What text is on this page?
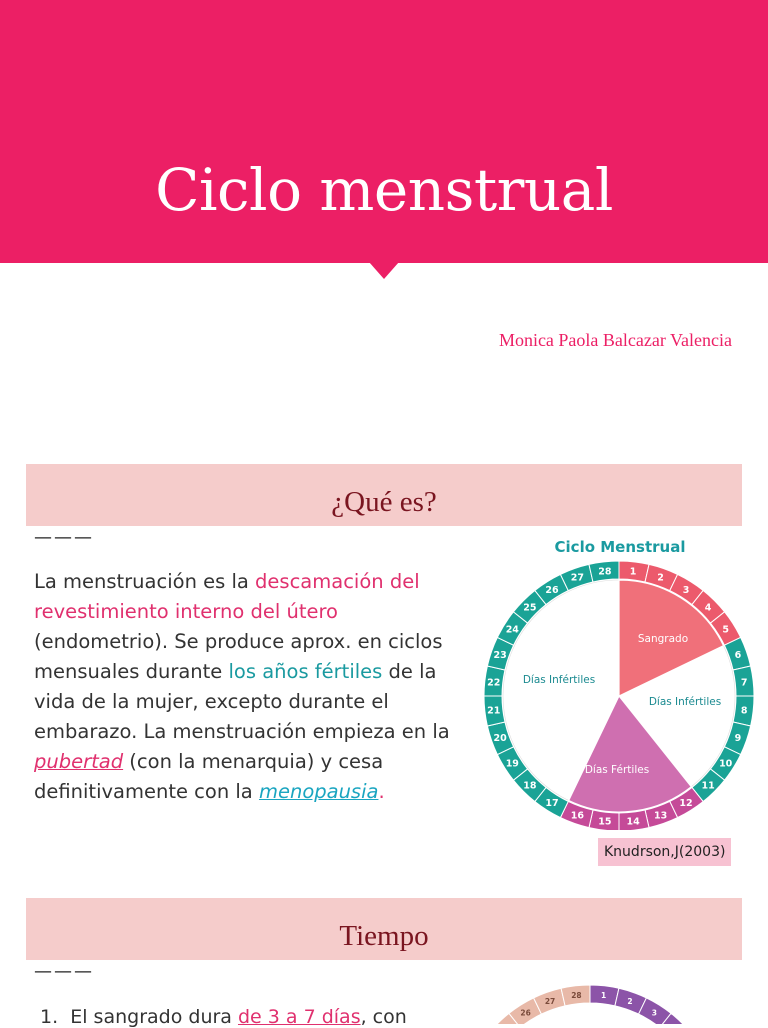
Ciclo menstrual
Monica Paola Balcazar Valencia
¿Qué es?
———
La menstruación es la descamación del revestimiento interno del útero (endometrio). Se produce aprox. en ciclos mensuales durante los años fértiles de la vida de la mujer, excepto durante el embarazo. La menstruación empieza en la pubertad (con la menarquia) y cesa definitivamente con la menopausia.
Ciclo Menstrual
1
2
3
4
5
6
7
8
9
10
11
12
13
14
15
16
17
18
19
20
21
22
23
24
25
26
27
28
Sangrado
Días Infértiles
Días Fértiles
Días Infértiles
Knudrson,J(2003)
Tiempo
———
1. El sangrado dura de 3 a 7 días, con	26
27
28	1
2
3
